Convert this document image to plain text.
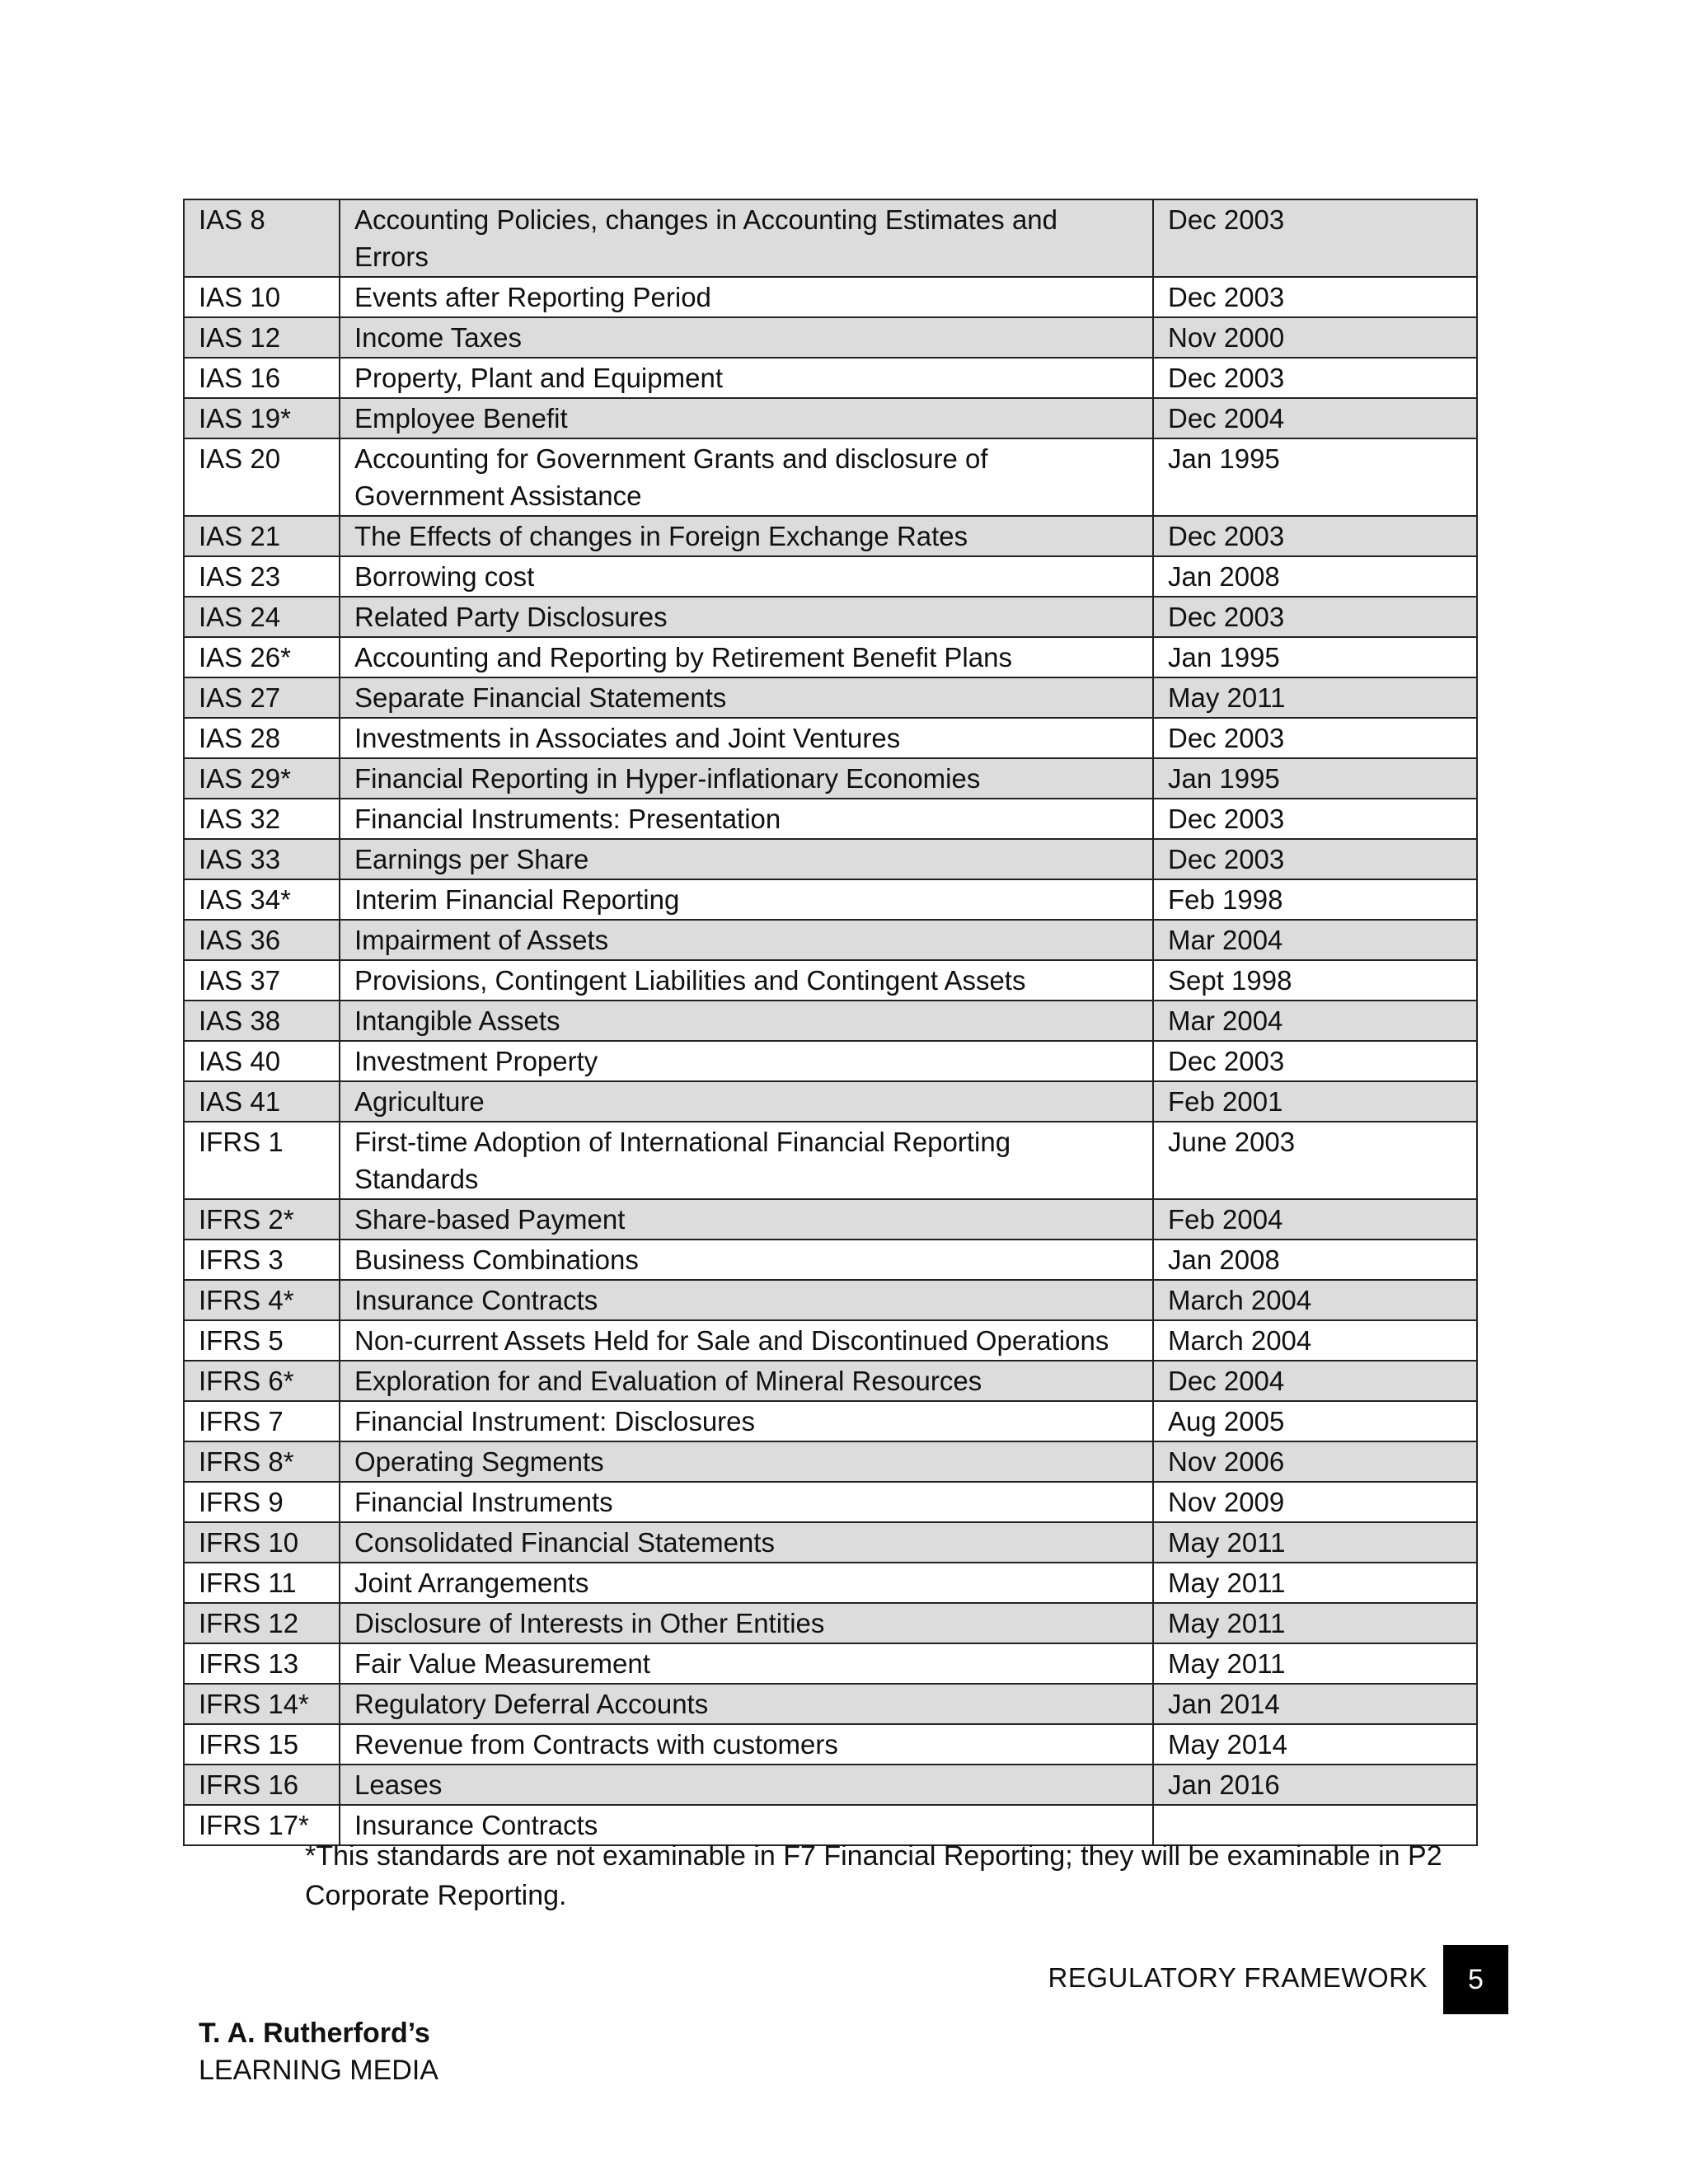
IAS 8	Accounting Policies, changes in Accounting Estimates and Errors	Dec 2003
IAS 10	Events after Reporting Period	Dec 2003
IAS 12	Income Taxes	Nov 2000
IAS 16	Property, Plant and Equipment	Dec 2003
IAS 19*	Employee Benefit	Dec 2004
IAS 20	Accounting for Government Grants and disclosure of Government Assistance	Jan 1995
IAS 21	The Effects of changes in Foreign Exchange Rates	Dec 2003
IAS 23	Borrowing cost	Jan 2008
IAS 24	Related Party Disclosures	Dec 2003
IAS 26*	Accounting and Reporting by Retirement Benefit Plans	Jan 1995
IAS 27	Separate Financial Statements	May 2011
IAS 28	Investments in Associates and Joint Ventures	Dec 2003
IAS 29*	Financial Reporting in Hyper-inflationary Economies	Jan 1995
IAS 32	Financial Instruments: Presentation	Dec 2003
IAS 33	Earnings per Share	Dec 2003
IAS 34*	Interim Financial Reporting	Feb 1998
IAS 36	Impairment of Assets	Mar 2004
IAS 37	Provisions, Contingent Liabilities and Contingent Assets	Sept 1998
IAS 38	Intangible Assets	Mar 2004
IAS 40	Investment Property	Dec 2003
IAS 41	Agriculture	Feb 2001
IFRS 1	First-time Adoption of International Financial Reporting Standards	June 2003
IFRS 2*	Share-based Payment	Feb 2004
IFRS 3	Business Combinations	Jan 2008
IFRS 4*	Insurance Contracts	March 2004
IFRS 5	Non-current Assets Held for Sale and Discontinued Operations	March 2004
IFRS 6*	Exploration for and Evaluation of Mineral Resources	Dec 2004
IFRS 7	Financial Instrument: Disclosures	Aug 2005
IFRS 8*	Operating Segments	Nov 2006
IFRS 9	Financial Instruments	Nov 2009
IFRS 10	Consolidated Financial Statements	May 2011
IFRS 11	Joint Arrangements	May 2011
IFRS 12	Disclosure of Interests in Other Entities	May 2011
IFRS 13	Fair Value Measurement	May 2011
IFRS 14*	Regulatory Deferral Accounts	Jan 2014
IFRS 15	Revenue from Contracts with customers	May 2014
IFRS 16	Leases	Jan 2016
IFRS 17*	Insurance Contracts	
*This standards are not examinable in F7 Financial Reporting; they will be examinable in P2 Corporate Reporting.
REGULATORY FRAMEWORK	5
T. A. Rutherford’s
LEARNING MEDIA
